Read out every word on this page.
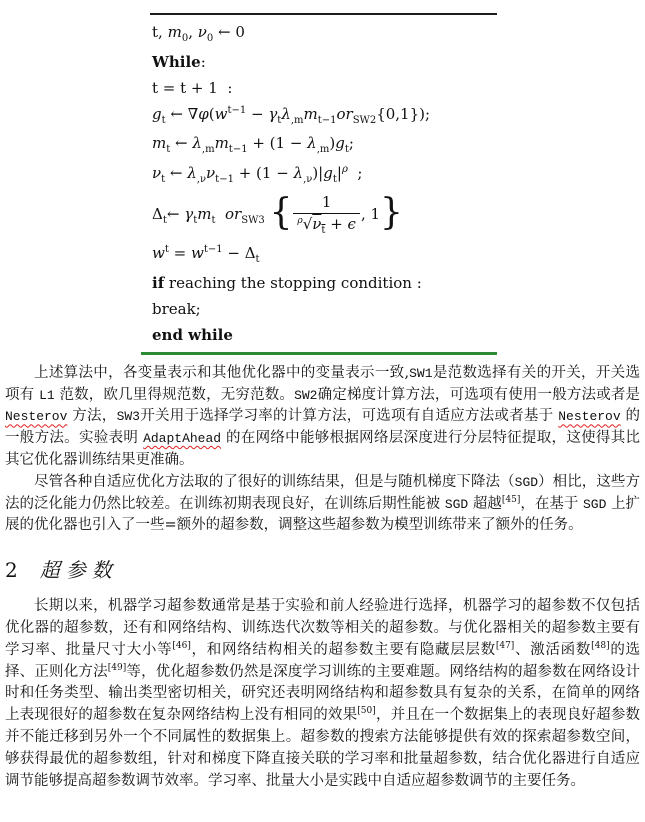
t, $m_0$, $\nu_0$ ← 0
While:
t = t + 1  :
$g_t$ ← $\nabla\varphi(w^{t-1} - \gamma_t\lambda_{,m}m_{t-1}or_{SW2}\{0,1\})$;
$m_t$ ← $\lambda_{,m}m_{t-1} + (1 - \lambda_{,m})g_t$;
$\nu_t$ ← $\lambda_{,\nu}\nu_{t-1} + (1 - \lambda_{,\nu})|g_t|^\rho$  ;
$\Delta_t\leftarrow$ $\gamma_tm_t$ $or_{SW3}$ { $\frac{1}{^\rho√\nu_t + \epsilon}$ , 1}
$w^t = w^{t-1} - \Delta_t$
if reaching the stopping condition :
break;
end while

上述算法中，各变量表示和其他优化器中的变量表示一致,SW1是范数选择有关的开关，开关选项有 L1 范数，欧几里得规范数，无穷范数。SW2确定梯度计算方法，可选项有使用一般方法或者是 Nesterov 方法，SW3开关用于选择学习率的计算方法，可选项有自适应方法或者基于 Nesterov 的一般方法。实验表明 AdaptAhead 的在网络中能够根据网络层深度进行分层特征提取，这使得其比其它优化器训练结果更准确。

尽管各种自适应优化方法取的了很好的训练结果，但是与随机梯度下降法（SGD）相比，这些方法的泛化能力仍然比较差。在训练初期表现良好，在训练后期性能被 SGD 超越[45]，在基于 SGD 上扩展的优化器也引入了一些=额外的超参数，调整这些超参数为模型训练带来了额外的任务。

2 超参数

长期以来，机器学习超参数通常是基于实验和前人经验进行选择，机器学习的超参数不仅包括优化器的超参数，还有和网络结构、训练迭代次数等相关的超参数。与优化器相关的超参数主要有学习率、批量尺寸大小等[46]，和网络结构相关的超参数主要有隐藏层层数[47]、激活函数[48]的选择、正则化方法[49]等，优化超参数仍然是深度学习训练的主要难题。网络结构的超参数在网络设计时和任务类型、输出类型密切相关，研究还表明网络结构和超参数具有复杂的关系，在简单的网络上表现很好的超参数在复杂网络结构上没有相同的效果[50]，并且在一个数据集上的表现良好超参数并不能迁移到另外一个不同属性的数据集上。超参数的搜索方法能够提供有效的探索超参数空间，够获得最优的超参数组，针对和梯度下降直接关联的学习率和批量超参数，结合优化器进行自适应调节能够提高超参数调节效率。学习率、批量大小是实践中自适应超参数调节的主要任务。
